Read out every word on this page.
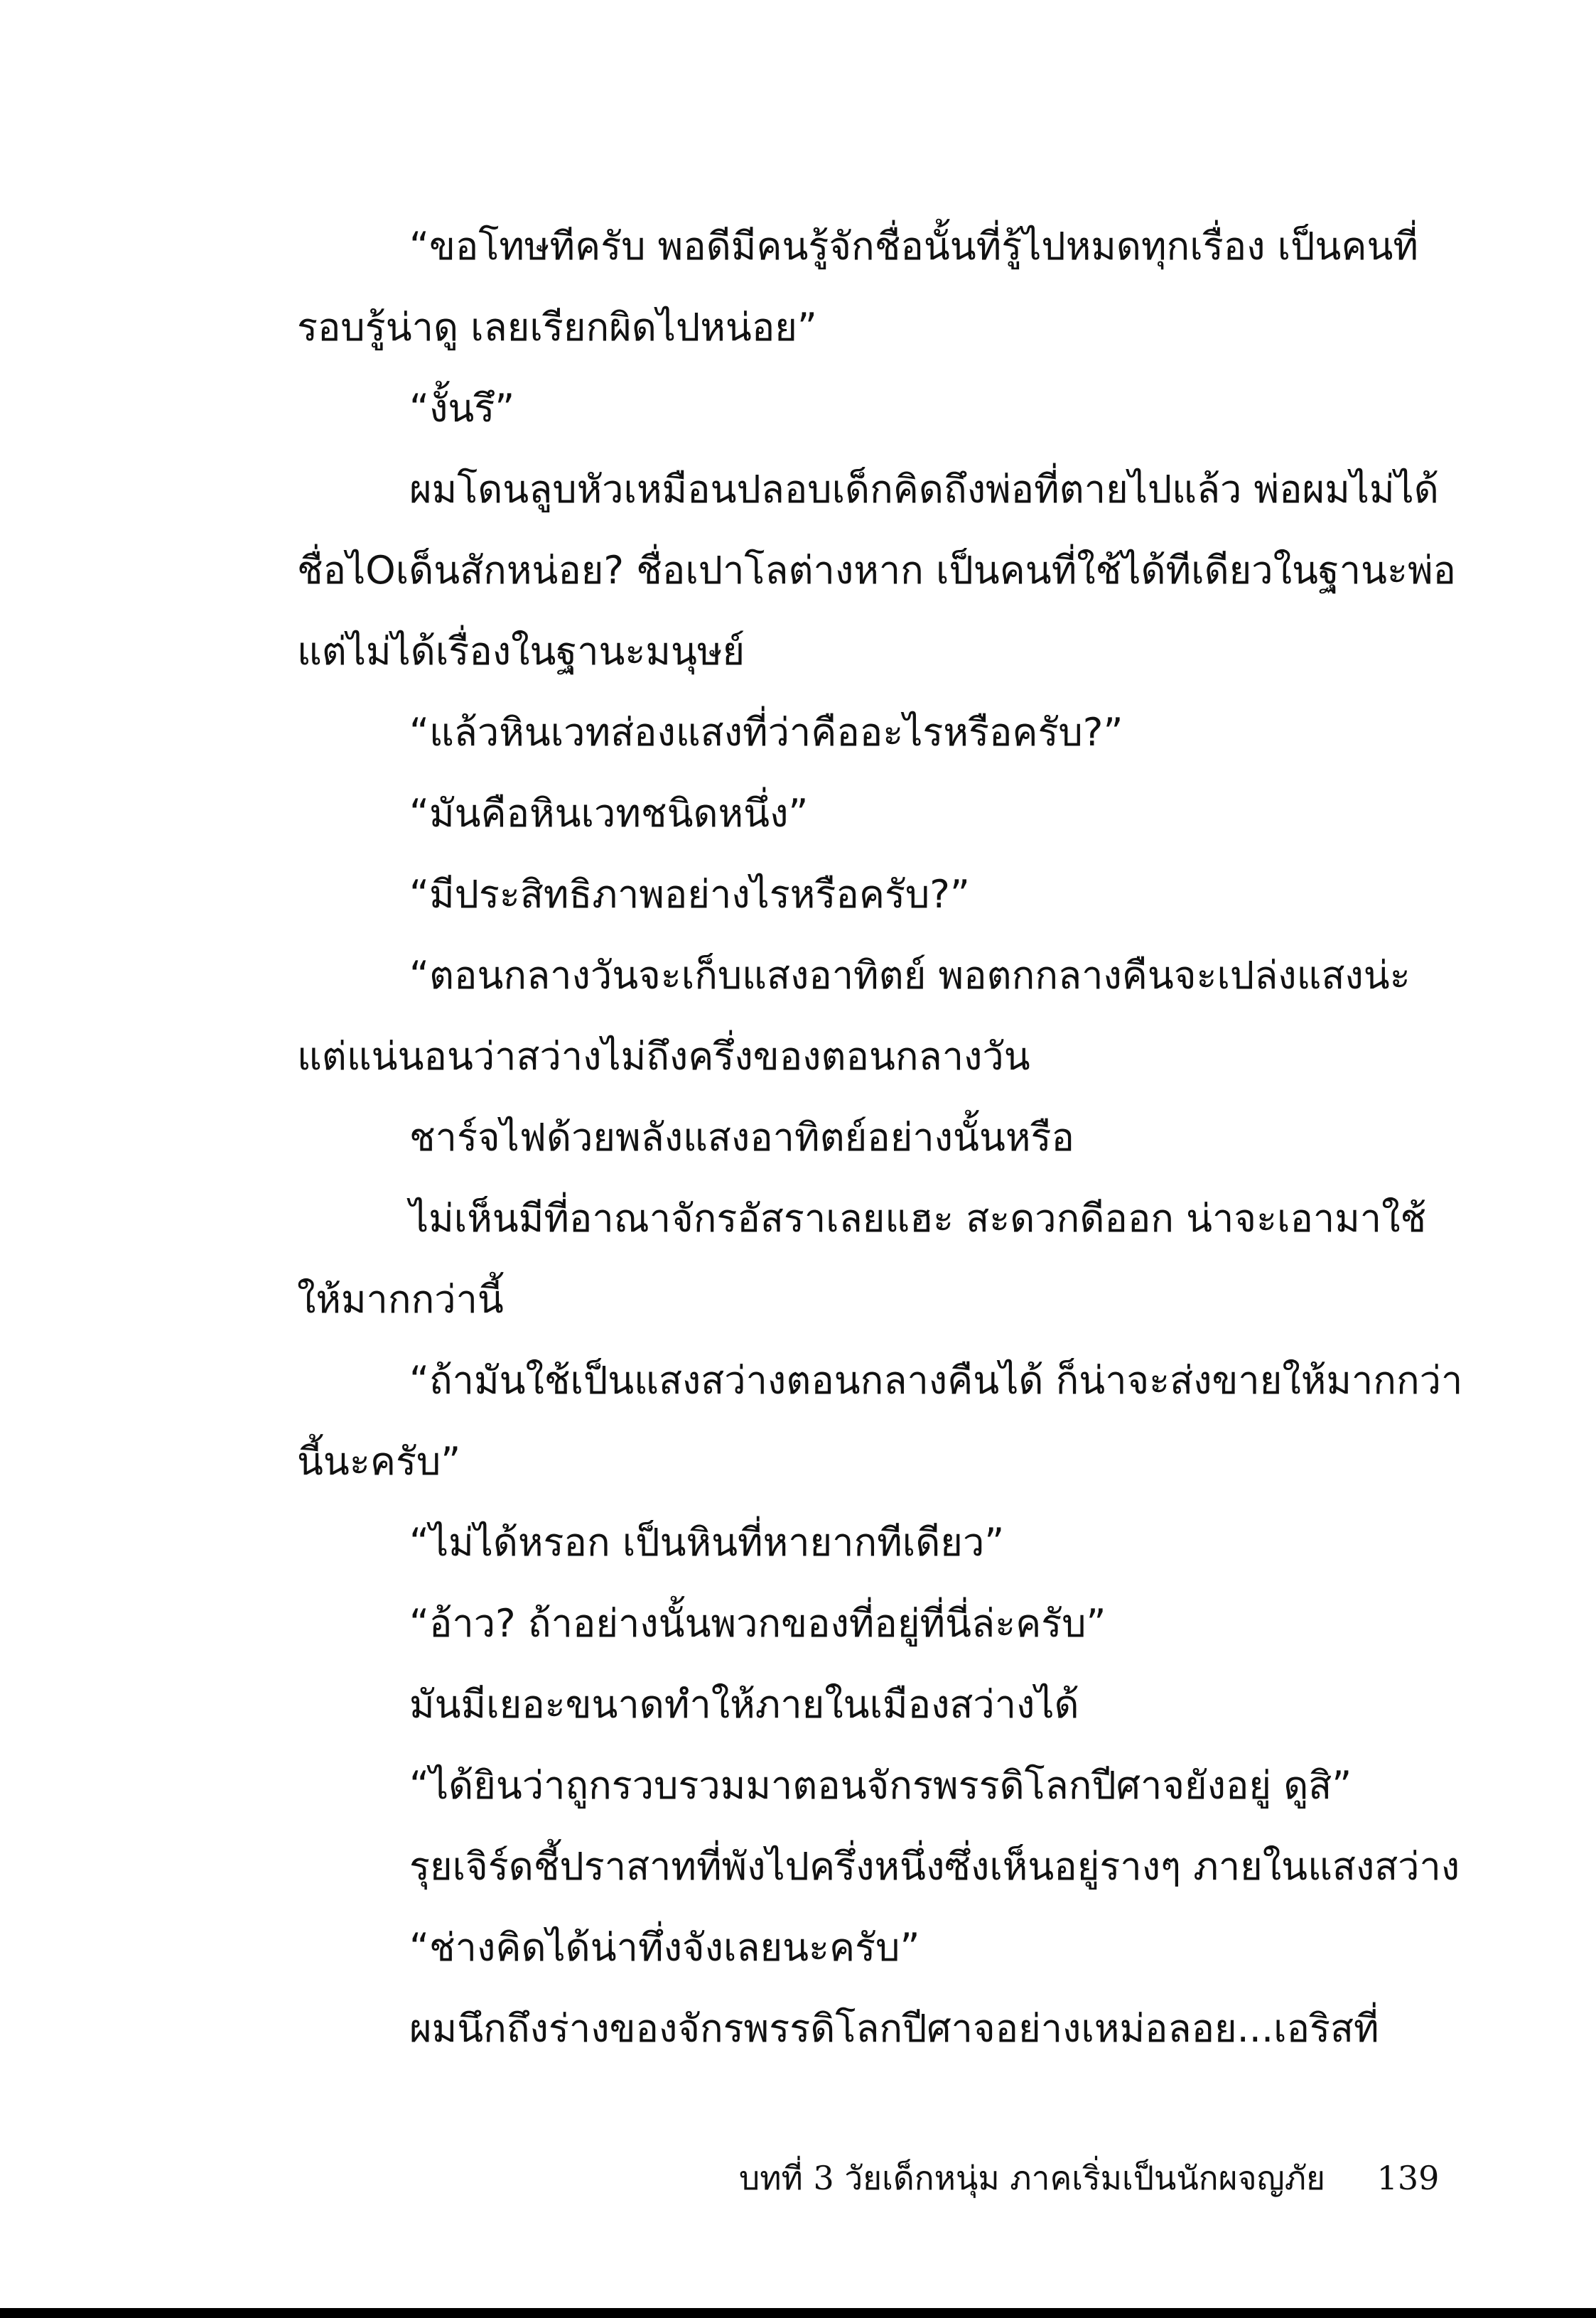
“ขอโทษทีครับ พอดีมีคนรู้จักชื่อนั้นที่รู้ไปหมดทุกเรื่อง เป็นคนที่
รอบรู้น่าดู เลยเรียกผิดไปหน่อย”
“งั้นรึ”
ผมโดนลูบหัวเหมือนปลอบเด็กคิดถึงพ่อที่ตายไปแล้ว พ่อผมไม่ได้
ชื่อไOเด็นสักหน่อย? ชื่อเปาโลต่างหาก เป็นคนที่ใช้ได้ทีเดียวในฐานะพ่อ
แต่ไม่ได้เรื่องในฐานะมนุษย์
“แล้วหินเวทส่องแสงที่ว่าคืออะไรหรือครับ?”
“มันคือหินเวทชนิดหนึ่ง”
“มีประสิทธิภาพอย่างไรหรือครับ?”
“ตอนกลางวันจะเก็บแสงอาทิตย์ พอตกกลางคืนจะเปล่งแสงน่ะ
แต่แน่นอนว่าสว่างไม่ถึงครึ่งของตอนกลางวัน
ชาร์จไฟด้วยพลังแสงอาทิตย์อย่างนั้นหรือ
ไม่เห็นมีที่อาณาจักรอัสราเลยแฮะ สะดวกดีออก น่าจะเอามาใช้
ให้มากกว่านี้
“ถ้ามันใช้เป็นแสงสว่างตอนกลางคืนได้ ก็น่าจะส่งขายให้มากกว่า
นี้นะครับ”
“ไม่ได้หรอก เป็นหินที่หายากทีเดียว”
“อ้าว? ถ้าอย่างนั้นพวกของที่อยู่ที่นี่ล่ะครับ”
มันมีเยอะขนาดทำให้ภายในเมืองสว่างได้
“ได้ยินว่าถูกรวบรวมมาตอนจักรพรรดิโลกปีศาจยังอยู่ ดูสิ”
รุยเจิร์ดชี้ปราสาทที่พังไปครึ่งหนึ่งซึ่งเห็นอยู่รางๆ ภายในแสงสว่าง
“ช่างคิดได้น่าทึ่งจังเลยนะครับ”
ผมนึกถึงร่างของจักรพรรดิโลกปีศาจอย่างเหม่อลอย...เอริสที่
บทที่ 3 วัยเด็กหนุ่ม ภาคเริ่มเป็นนักผจญภัย 139
